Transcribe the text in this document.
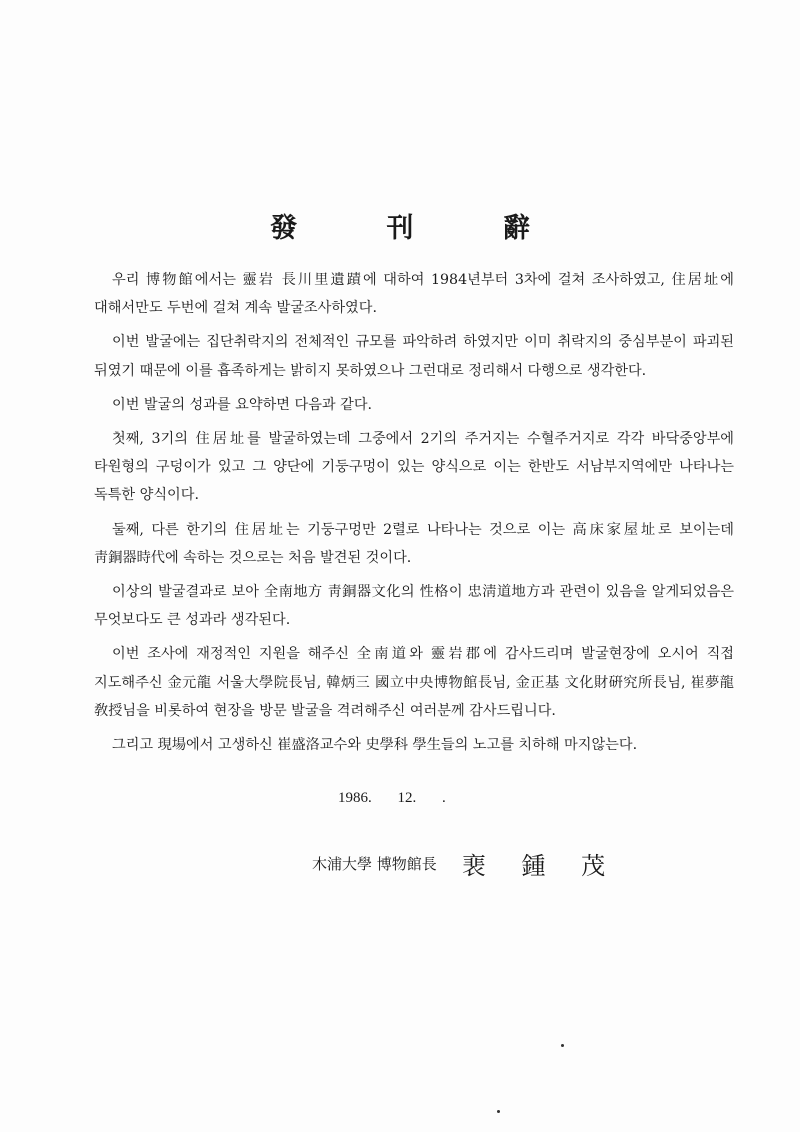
發 刊 辭

우리 博物館에서는 靈岩 長川里遺蹟에 대하여 1984년부터 3차에 걸쳐 조사하였고, 住居址에 대해서만도 두번에 걸쳐 계속 발굴조사하였다.

이번 발굴에는 집단취락지의 전체적인 규모를 파악하려 하였지만 이미 취락지의 중심부분이 파괴된 뒤였기 때문에 이를 흡족하게는 밝히지 못하였으나 그런대로 정리해서 다행으로 생각한다.

이번 발굴의 성과를 요약하면 다음과 같다.

첫째, 3기의 住居址를 발굴하였는데 그중에서 2기의 주거지는 수혈주거지로 각각 바닥중앙부에 타원형의 구덩이가 있고 그 양단에 기둥구멍이 있는 양식으로 이는 한반도 서남부지역에만 나타나는 독특한 양식이다.

둘째, 다른 한기의 住居址는 기둥구멍만 2렬로 나타나는 것으로 이는 高床家屋址로 보이는데 靑銅器時代에 속하는 것으로는 처음 발견된 것이다.

이상의 발굴결과로 보아 全南地方 靑銅器文化의 性格이 忠淸道地方과 관련이 있음을 알게되었음은 무엇보다도 큰 성과라 생각된다.

이번 조사에 재정적인 지원을 해주신 全南道와 靈岩郡에 감사드리며 발굴현장에 오시어 직접 지도해주신 金元龍 서울大學院長님, 韓炳三 國立中央博物館長님, 金正基 文化財硏究所長님, 崔夢龍 敎授님을 비롯하여 현장을 방문 발굴을 격려해주신 여러분께 감사드립니다.

그리고 現場에서 고생하신 崔盛洛교수와 史學科 學生들의 노고를 치하해 마지않는다.

1986. 12. .

木浦大學 博物館長 裵 鍾 茂
